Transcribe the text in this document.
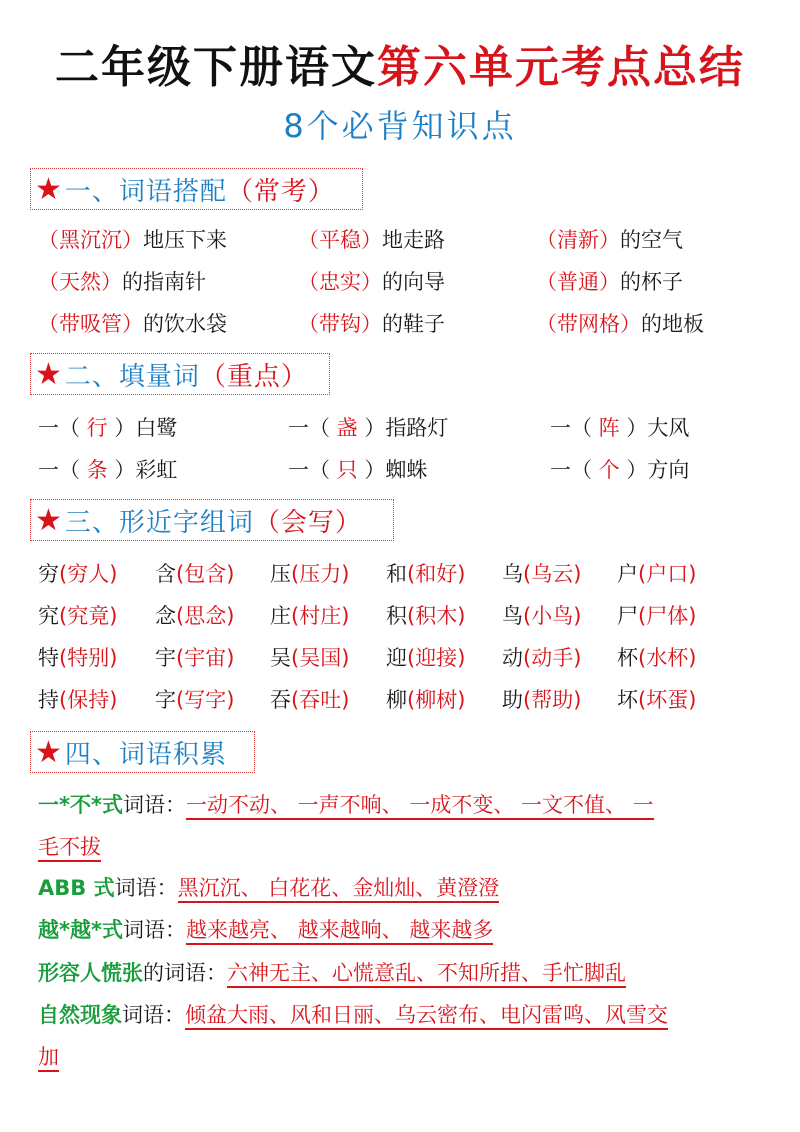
二年级下册语文第六单元考点总结
8个必背知识点
★ 一、词语搭配 （常考）
（黑沉沉）地压下来	（平稳）地走路	（清新）的空气
（天然）的指南针	（忠实）的向导	（普通）的杯子
（带吸管）的饮水袋	（带钩）的鞋子	（带网格）的地板
★ 二、填量词 （重点）
一（ 行 ）白鹭	一（ 盏 ）指路灯	一（ 阵 ）大风
一（ 条 ）彩虹	一（ 只 ）蜘蛛	一（ 个 ）方向
★ 三、形近字组词 （会写）
穷(穷人) 含(包含) 压(压力) 和(和好) 乌(乌云) 户(户口)
究(究竟) 念(思念) 庄(村庄) 积(积木) 鸟(小鸟) 尸(尸体)
特(特别) 宇(宇宙) 吴(吴国) 迎(迎接) 动(动手) 杯(水杯)
持(保持) 字(写字) 吞(吞吐) 柳(柳树) 助(帮助) 坏(坏蛋)
★ 四、词语积累
一*不*式词语：一动不动、 一声不响、 一成不变、 一文不值、 一
毛不拔
ABB 式词语：黑沉沉、 白花花、金灿灿、黄澄澄
越*越*式词语：越来越亮、 越来越响、 越来越多
形容人慌张的词语：六神无主、心慌意乱、不知所措、手忙脚乱
自然现象词语：倾盆大雨、风和日丽、乌云密布、电闪雷鸣、风雪交
加
